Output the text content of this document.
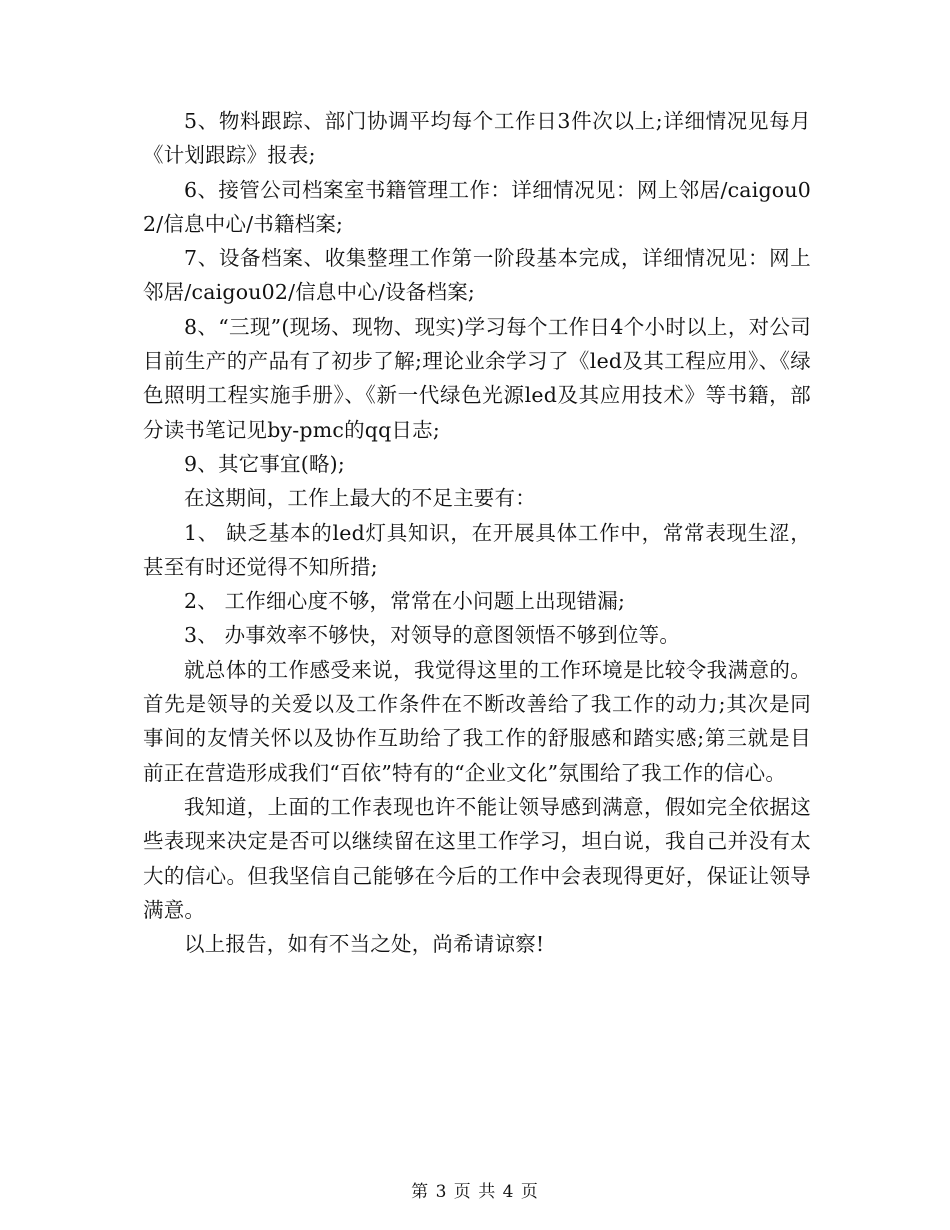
5、物料跟踪、部门协调平均每个工作日3件次以上;详细情况见每月《计划跟踪》报表;

6、接管公司档案室书籍管理工作：详细情况见：网上邻居/caigou02/信息中心/书籍档案;

7、设备档案、收集整理工作第一阶段基本完成，详细情况见：网上邻居/caigou02/信息中心/设备档案;

8、“三现”(现场、现物、现实)学习每个工作日4个小时以上，对公司目前生产的产品有了初步了解;理论业余学习了《led及其工程应用》、《绿色照明工程实施手册》、《新一代绿色光源led及其应用技术》等书籍，部分读书笔记见by-pmc的qq日志;

9、其它事宜(略);

在这期间，工作上最大的不足主要有：

1、 缺乏基本的led灯具知识，在开展具体工作中，常常表现生涩，甚至有时还觉得不知所措;

2、 工作细心度不够，常常在小问题上出现错漏;

3、 办事效率不够快，对领导的意图领悟不够到位等。

就总体的工作感受来说，我觉得这里的工作环境是比较令我满意的。首先是领导的关爱以及工作条件在不断改善给了我工作的动力;其次是同事间的友情关怀以及协作互助给了我工作的舒服感和踏实感;第三就是目前正在营造形成我们“百依”特有的“企业文化”氛围给了我工作的信心。

我知道，上面的工作表现也许不能让领导感到满意，假如完全依据这些表现来决定是否可以继续留在这里工作学习，坦白说，我自己并没有太大的信心。但我坚信自己能够在今后的工作中会表现得更好，保证让领导满意。

以上报告，如有不当之处，尚希请谅察!

第 3 页 共 4 页
